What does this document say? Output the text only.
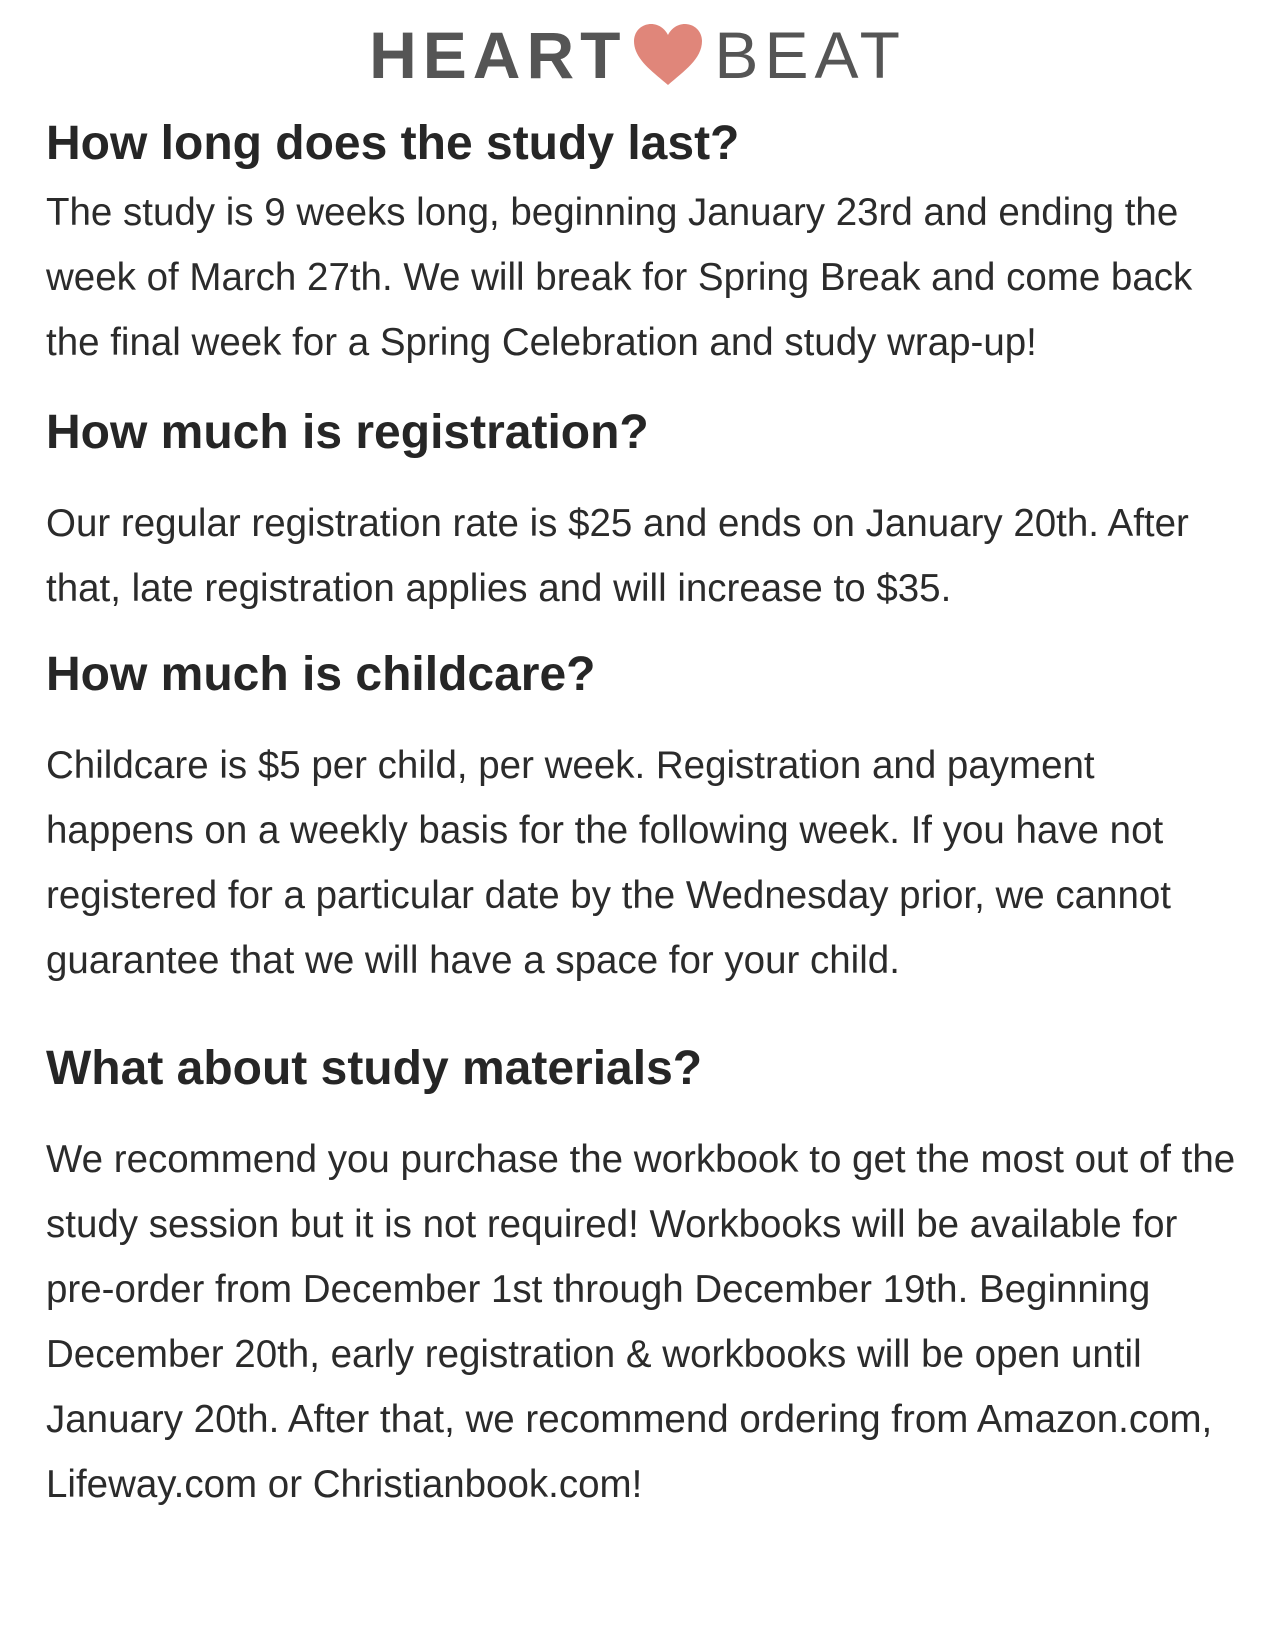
HEART BEAT
How long does the study last?

The study is 9 weeks long, beginning January 23rd and ending the week of March 27th. We will break for Spring Break and come back the final week for a Spring Celebration and study wrap-up!

How much is registration?

Our regular registration rate is $25 and ends on January 20th. After that, late registration applies and will increase to $35.

How much is childcare?

Childcare is $5 per child, per week. Registration and payment happens on a weekly basis for the following week. If you have not registered for a particular date by the Wednesday prior, we cannot guarantee that we will have a space for your child.

What about study materials?

We recommend you purchase the workbook to get the most out of the study session but it is not required! Workbooks will be available for pre-order from December 1st through December 19th. Beginning December 20th, early registration & workbooks will be open until January 20th. After that, we recommend ordering from Amazon.com, Lifeway.com or Christianbook.com!
